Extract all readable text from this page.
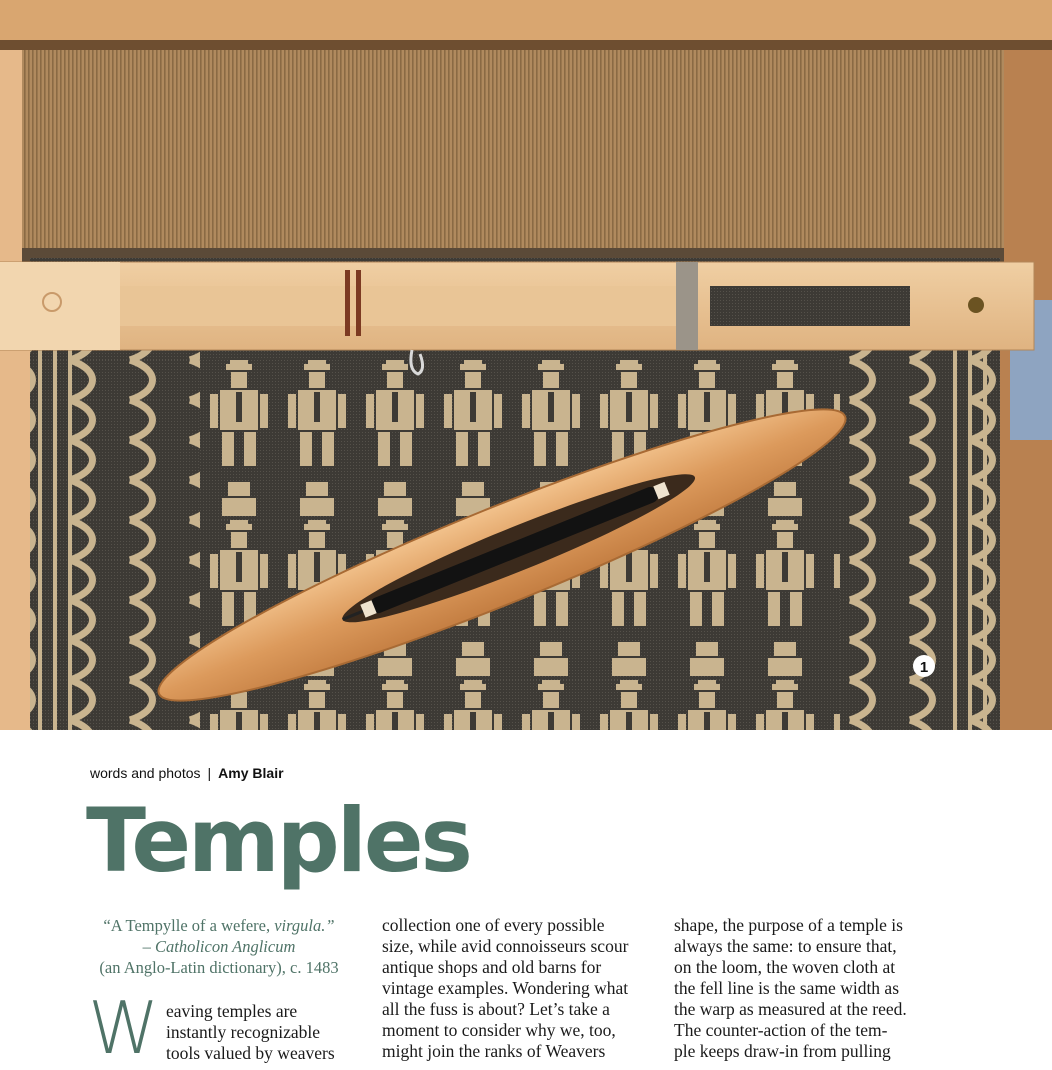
1
words and photos | Amy Blair
Temples

“A Tempylle of a wefere, virgula.”

– Catholicon Anglicum

(an Anglo-Latin dictionary), c. 1483

W eaving temples are

instantly recognizable

tools valued by weavers

collection one of every possible

size, while avid connoisseurs scour

antique shops and old barns for

vintage examples. Wondering what

all the fuss is about? Let’s take a

moment to consider why we, too,

might join the ranks of Weavers

shape, the purpose of a temple is

always the same: to ensure that,

on the loom, the woven cloth at

the fell line is the same width as

the warp as measured at the reed.

The counter-action of the tem-

ple keeps draw-in from pulling
